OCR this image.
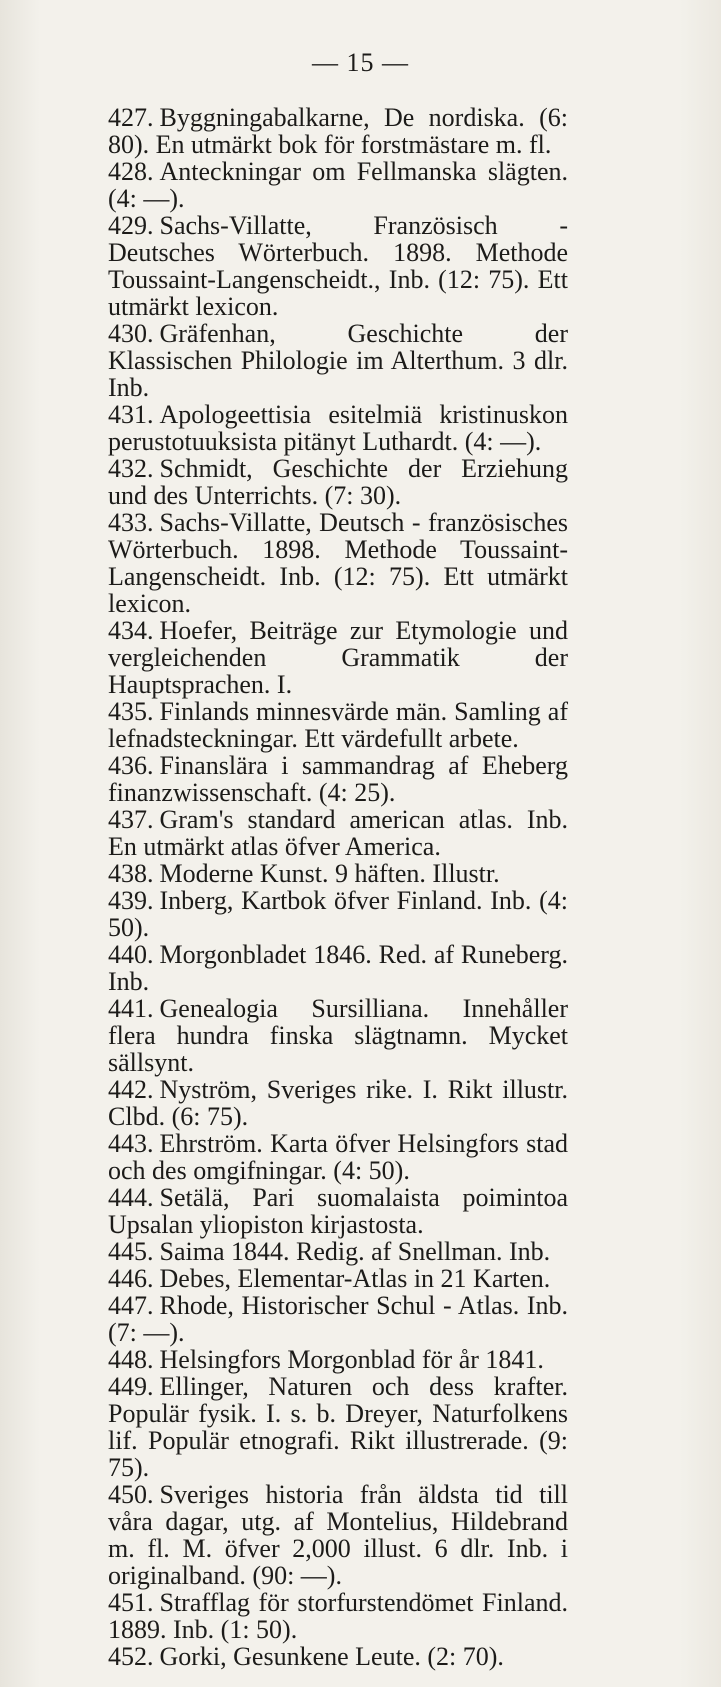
— 15 —

427. Byggningabalkarne, De nordiska. (6: 80). En utmärkt bok för forstmästare m. fl.

428. Anteckningar om Fellmanska slägten. (4: —).

429. Sachs-Villatte, Französisch - Deutsches Wörterbuch. 1898. Methode Toussaint-Langenscheidt., Inb. (12: 75). Ett utmärkt lexicon.

430. Gräfenhan, Geschichte der Klassischen Philologie im Alterthum. 3 dlr. Inb.

431. Apologeettisia esitelmiä kristinuskon perustotuuksista pitänyt Luthardt. (4: —).

432. Schmidt, Geschichte der Erziehung und des Unterrichts. (7: 30).

433. Sachs-Villatte, Deutsch - französisches Wörterbuch. 1898. Methode Toussaint-Langenscheidt. Inb. (12: 75). Ett utmärkt lexicon.

434. Hoefer, Beiträge zur Etymologie und vergleichenden Grammatik der Hauptsprachen. I.

435. Finlands minnesvärde män. Samling af lefnadsteckningar. Ett värdefullt arbete.

436. Finanslära i sammandrag af Eheberg finanzwissenschaft. (4: 25).

437. Gram's standard american atlas. Inb. En utmärkt atlas öfver America.

438. Moderne Kunst. 9 häften. Illustr.

439. Inberg, Kartbok öfver Finland. Inb. (4: 50).

440. Morgonbladet 1846. Red. af Runeberg. Inb.

441. Genealogia Sursilliana. Innehåller flera hundra finska slägtnamn. Mycket sällsynt.

442. Nyström, Sveriges rike. I. Rikt illustr. Clbd. (6: 75).

443. Ehrström. Karta öfver Helsingfors stad och des omgifningar. (4: 50).

444. Setälä, Pari suomalaista poimintoa Upsalan yliopiston kirjastosta.

445. Saima 1844. Redig. af Snellman. Inb.

446. Debes, Elementar-Atlas in 21 Karten.

447. Rhode, Historischer Schul - Atlas. Inb. (7: —).

448. Helsingfors Morgonblad för år 1841.

449. Ellinger, Naturen och dess krafter. Populär fysik. I. s. b. Dreyer, Naturfolkens lif. Populär etnografi. Rikt illustrerade. (9: 75).

450. Sveriges historia från äldsta tid till våra dagar, utg. af Montelius, Hildebrand m. fl. M. öfver 2,000 illust. 6 dlr. Inb. i originalband. (90: —).

451. Strafflag för storfurstendömet Finland. 1889. Inb. (1: 50).

452. Gorki, Gesunkene Leute. (2: 70).
